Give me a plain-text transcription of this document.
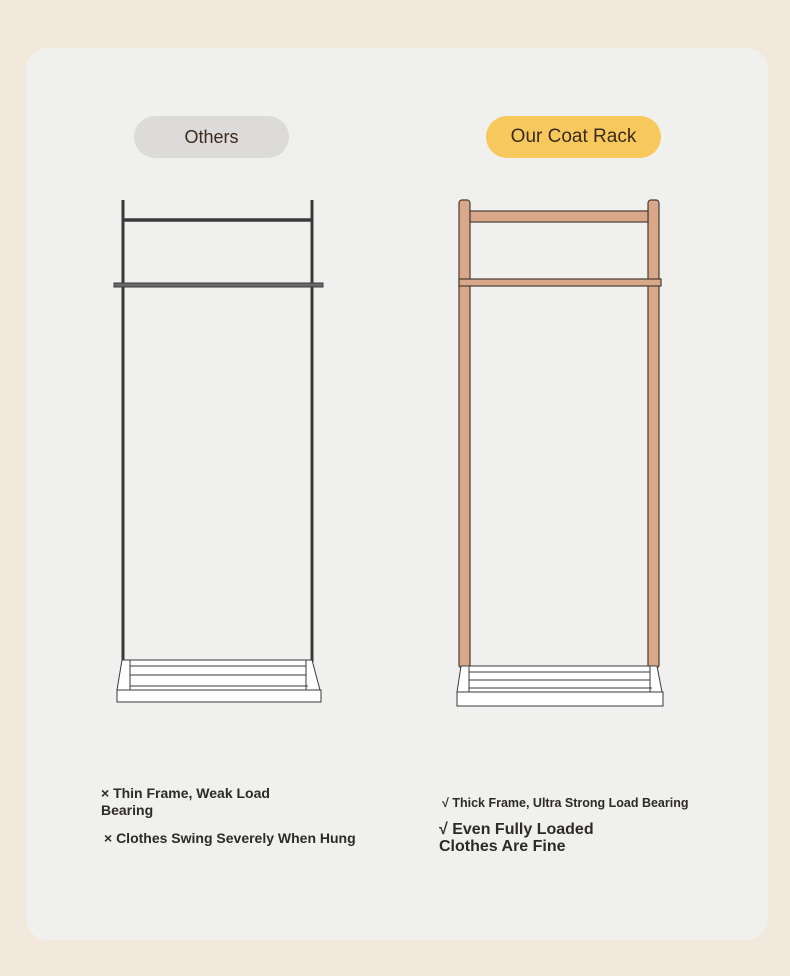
Others	Our Coat Rack
× Thin Frame, Weak Load Bearing
× Clothes Swing Severely When Hung
√ Thick Frame, Ultra Strong Load Bearing
√ Even Fully Loaded Clothes Are Fine
